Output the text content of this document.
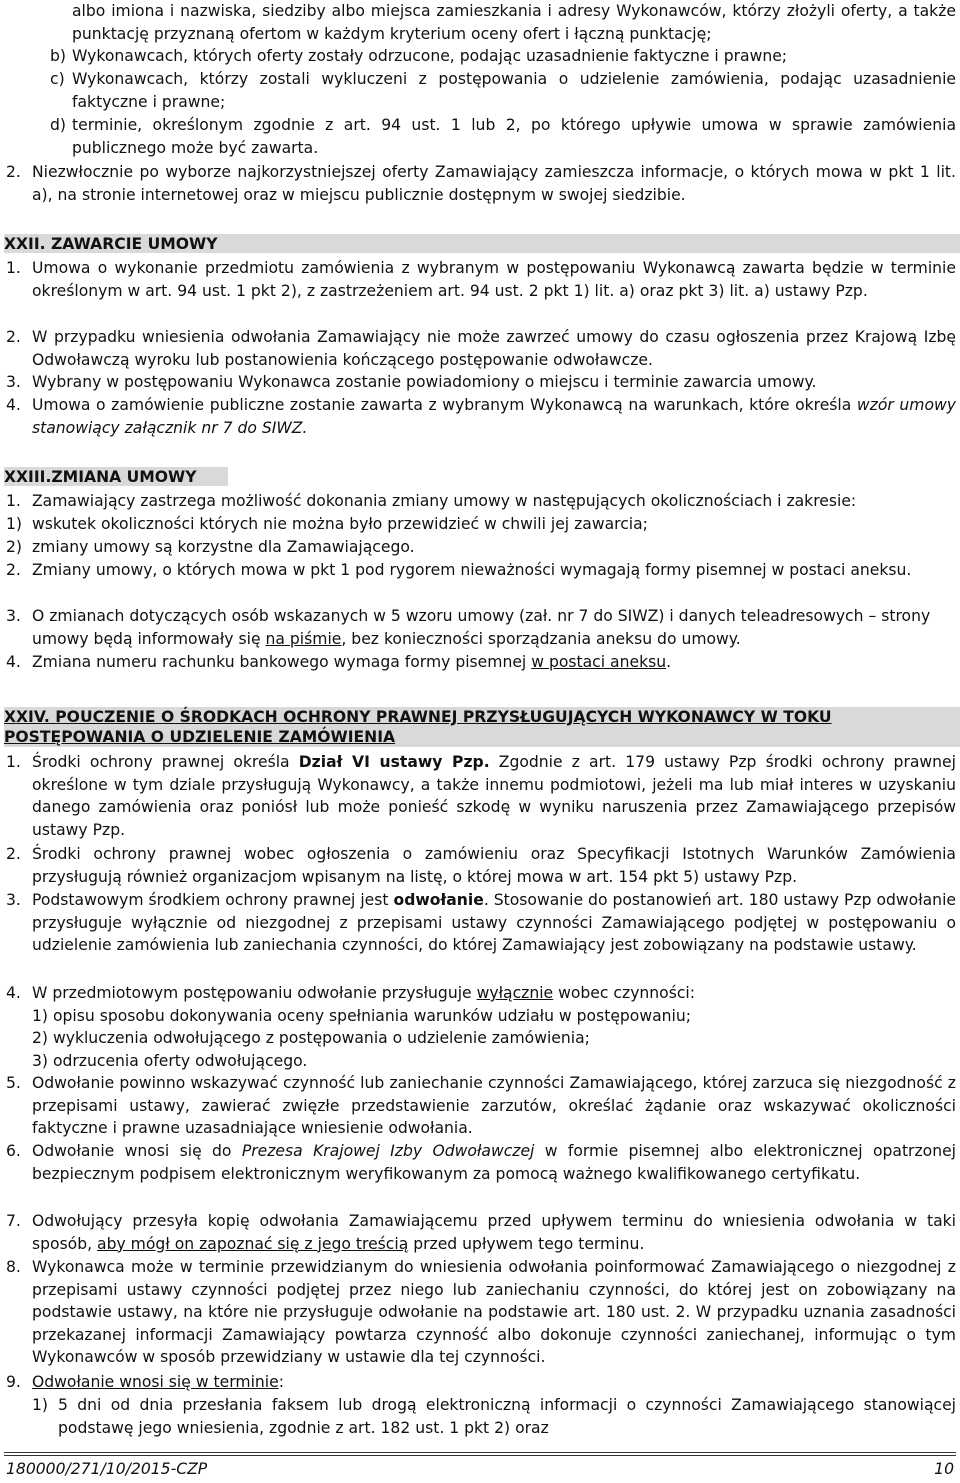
albo imiona i nazwiska, siedziby albo miejsca zamieszkania i adresy Wykonawców, którzy złożyli oferty, a także punktację przyznaną ofertom w każdym kryterium oceny ofert i łączną punktację;

b) Wykonawcach, których oferty zostały odrzucone, podając uzasadnienie faktyczne i prawne;
c) Wykonawcach, którzy zostali wykluczeni z postępowania o udzielenie zamówienia, podając uzasadnienie faktyczne i prawne;
d) terminie, określonym zgodnie z art. 94 ust. 1 lub 2, po którego upływie umowa w sprawie zamówienia publicznego może być zawarta.
2. Niezwłocznie po wyborze najkorzystniejszej oferty Zamawiający zamieszcza informacje, o których mowa w pkt 1 lit. a), na stronie internetowej oraz w miejscu publicznie dostępnym w swojej siedzibie.
XXII. ZAWARCIE UMOWY
1. Umowa o wykonanie przedmiotu zamówienia z wybranym w postępowaniu Wykonawcą zawarta będzie w terminie określonym w art. 94 ust. 1 pkt 2), z zastrzeżeniem art. 94 ust. 2 pkt 1) lit. a) oraz pkt 3) lit. a) ustawy Pzp.
2. W przypadku wniesienia odwołania Zamawiający nie może zawrzeć umowy do czasu ogłoszenia przez Krajową Izbę Odwoławczą wyroku lub postanowienia kończącego postępowanie odwoławcze.
3. Wybrany w postępowaniu Wykonawca zostanie powiadomiony o miejscu i terminie zawarcia umowy.
4. Umowa o zamówienie publiczne zostanie zawarta z wybranym Wykonawcą na warunkach, które określa wzór umowy stanowiący załącznik nr 7 do SIWZ.
XXIII.ZMIANA UMOWY
1. Zamawiający zastrzega możliwość dokonania zmiany umowy w następujących okolicznościach i zakresie:
1) wskutek okoliczności których nie można było przewidzieć w chwili jej zawarcia;
2) zmiany umowy są korzystne dla Zamawiającego.
2. Zmiany umowy, o których mowa w pkt 1 pod rygorem nieważności wymagają formy pisemnej w postaci aneksu.
3. O zmianach dotyczących osób wskazanych w 5 wzoru umowy (zał. nr 7 do SIWZ) i danych teleadresowych – strony umowy będą informowały się na piśmie, bez konieczności sporządzania aneksu do umowy.
4. Zmiana numeru rachunku bankowego wymaga formy pisemnej w postaci aneksu.
XXIV. POUCZENIE O ŚRODKACH OCHRONY PRAWNEJ PRZYSŁUGUJĄCYCH WYKONAWCY W TOKU POSTĘPOWANIA O UDZIELENIE ZAMÓWIENIA
1. Środki ochrony prawnej określa Dział VI ustawy Pzp. Zgodnie z art. 179 ustawy Pzp środki ochrony prawnej określone w tym dziale przysługują Wykonawcy, a także innemu podmiotowi, jeżeli ma lub miał interes w uzyskaniu danego zamówienia oraz poniósł lub może ponieść szkodę w wyniku naruszenia przez Zamawiającego przepisów ustawy Pzp.
2. Środki ochrony prawnej wobec ogłoszenia o zamówieniu oraz Specyfikacji Istotnych Warunków Zamówienia przysługują również organizacjom wpisanym na listę, o której mowa w art. 154 pkt 5) ustawy Pzp.
3. Podstawowym środkiem ochrony prawnej jest odwołanie. Stosowanie do postanowień art. 180 ustawy Pzp odwołanie przysługuje wyłącznie od niezgodnej z przepisami ustawy czynności Zamawiającego podjętej w postępowaniu o udzielenie zamówienia lub zaniechania czynności, do której Zamawiający jest zobowiązany na podstawie ustawy.
4. W przedmiotowym postępowaniu odwołanie przysługuje wyłącznie wobec czynności:
1) opisu sposobu dokonywania oceny spełniania warunków udziału w postępowaniu;
2) wykluczenia odwołującego z postępowania o udzielenie zamówienia;
3) odrzucenia oferty odwołującego.
5. Odwołanie powinno wskazywać czynność lub zaniechanie czynności Zamawiającego, której zarzuca się niezgodność z przepisami ustawy, zawierać zwięzłe przedstawienie zarzutów, określać żądanie oraz wskazywać okoliczności faktyczne i prawne uzasadniające wniesienie odwołania.
6. Odwołanie wnosi się do Prezesa Krajowej Izby Odwoławczej w formie pisemnej albo elektronicznej opatrzonej bezpiecznym podpisem elektronicznym weryfikowanym za pomocą ważnego kwalifikowanego certyfikatu.
7. Odwołujący przesyła kopię odwołania Zamawiającemu przed upływem terminu do wniesienia odwołania w taki sposób, aby mógł on zapoznać się z jego treścią przed upływem tego terminu.
8. Wykonawca może w terminie przewidzianym do wniesienia odwołania poinformować Zamawiającego o niezgodnej z przepisami ustawy czynności podjętej przez niego lub zaniechaniu czynności, do której jest on zobowiązany na podstawie ustawy, na które nie przysługuje odwołanie na podstawie art. 180 ust. 2. W przypadku uznania zasadności przekazanej informacji Zamawiający powtarza czynność albo dokonuje czynności zaniechanej, informując o tym Wykonawców w sposób przewidziany w ustawie dla tej czynności.
9. Odwołanie wnosi się w terminie:
1) 5 dni od dnia przesłania faksem lub drogą elektroniczną informacji o czynności Zamawiającego stanowiącej podstawę jego wniesienia, zgodnie z art. 182 ust. 1 pkt 2) oraz
180000/271/10/2015-CZP	10
